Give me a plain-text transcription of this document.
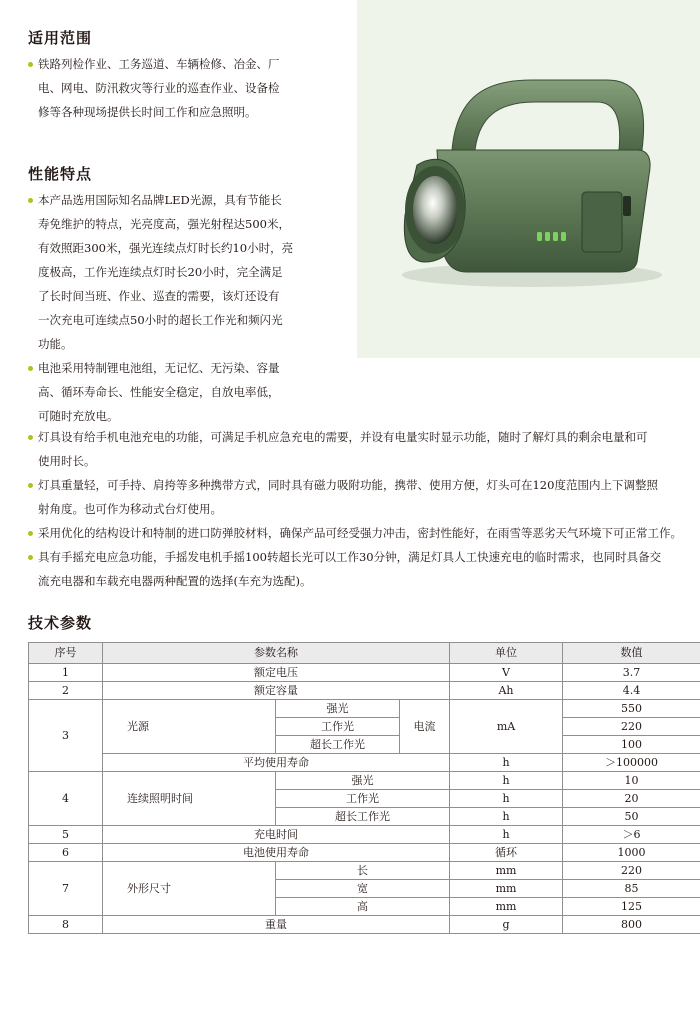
适用范围
铁路列检作业、工务巡道、车辆检修、冶金、厂
电、网电、防汛救灾等行业的巡查作业、设备检
修等各种现场提供长时间工作和应急照明。
性能特点
本产品选用国际知名品牌LED光源，具有节能长
寿免维护的特点，光亮度高，强光射程达500米，
有效照距300米，强光连续点灯时长约10小时，亮
度极高，工作光连续点灯时长20小时，完全满足
了长时间当班、作业、巡查的需要，该灯还设有
一次充电可连续点50小时的超长工作光和频闪光
功能。
电池采用特制锂电池组，无记忆、无污染、容量
高、循环寿命长、性能安全稳定，自放电率低，
可随时充放电。
灯具设有给手机电池充电的功能，可满足手机应急充电的需要，并设有电量实时显示功能，随时了解灯具的剩余电量和可
使用时长。
灯具重量轻，可手持、肩挎等多种携带方式，同时具有磁力吸附功能，携带、使用方便，灯头可在120度范围内上下调整照
射角度。也可作为移动式台灯使用。
采用优化的结构设计和特制的进口防弹胶材料，确保产品可经受强力冲击，密封性能好，在雨雪等恶劣天气环境下可正常工作。
具有手摇充电应急功能，手摇发电机手摇100转超长光可以工作30分钟，满足灯具人工快速充电的临时需求，也同时具备交
流充电器和车载充电器两种配置的选择(车充为选配)。
技术参数
序号	参数名称			单位	数值
1	额定电压			V	3.7
2	额定容量			Ah	4.4
3	光源	强光	电流	mA	550
		工作光			220
		超长工作光			100
	平均使用寿命			h	＞100000
4	连续照明时间	强光		h	10
		工作光		h	20
		超长工作光		h	50
5	充电时间			h	＞6
6	电池使用寿命			循环	1000
7	外形尺寸	长		mm	220
		宽		mm	85
		高		mm	125
8	重量			g	800
